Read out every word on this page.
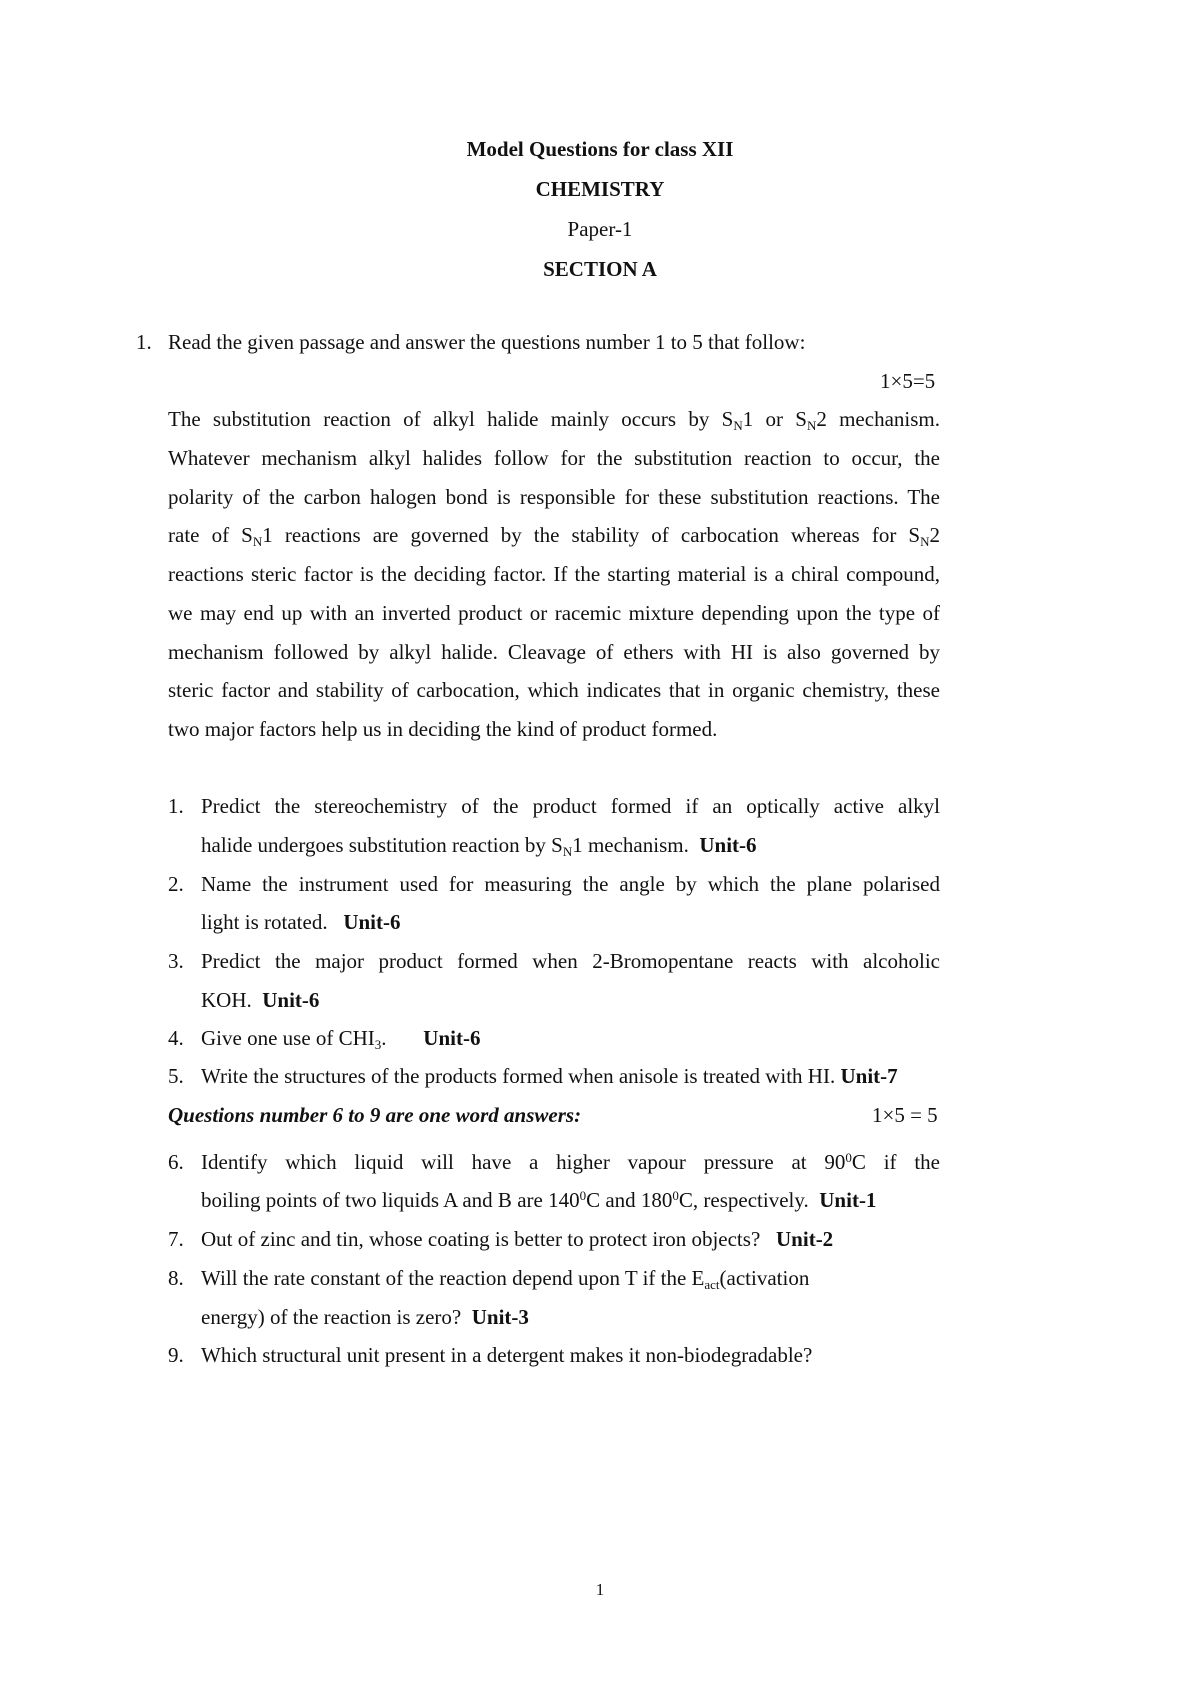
Model Questions for class XII
CHEMISTRY
Paper-1
SECTION A
1. Read the given passage and answer the questions number 1 to 5 that follow:
1×5=5
The substitution reaction of alkyl halide mainly occurs by $S_N1$ or $S_N2$ mechanism.
Whatever mechanism alkyl halides follow for the substitution reaction to occur, the
polarity of the carbon halogen bond is responsible for these substitution reactions. The
rate of $S_N1$ reactions are governed by the stability of carbocation whereas for $S_N2$
reactions steric factor is the deciding factor. If the starting material is a chiral compound,
we may end up with an inverted product or racemic mixture depending upon the type of
mechanism followed by alkyl halide. Cleavage of ethers with HI is also governed by
steric factor and stability of carbocation, which indicates that in organic chemistry, these
two major factors help us in deciding the kind of product formed.
1. Predict the stereochemistry of the product formed if an optically active alkyl
halide undergoes substitution reaction by $S_N1$ mechanism. Unit-6
2. Name the instrument used for measuring the angle by which the plane polarised
light is rotated. Unit-6
3. Predict the major product formed when 2-Bromopentane reacts with alcoholic
KOH. Unit-6
4. Give one use of $CHI_3$. Unit-6
5. Write the structures of the products formed when anisole is treated with HI. Unit-7
Questions number 6 to 9 are one word answers:	1×5 = 5
6. Identify which liquid will have a higher vapour pressure at $90^0C$ if the
boiling points of two liquids A and B are $140^0C$ and $180^0C$, respectively. Unit-1
7. Out of zinc and tin, whose coating is better to protect iron objects? Unit-2
8. Will the rate constant of the reaction depend upon T if the $E_{act}(activation$
energy) of the reaction is zero? Unit-3
9. Which structural unit present in a detergent makes it non-biodegradable?
1
